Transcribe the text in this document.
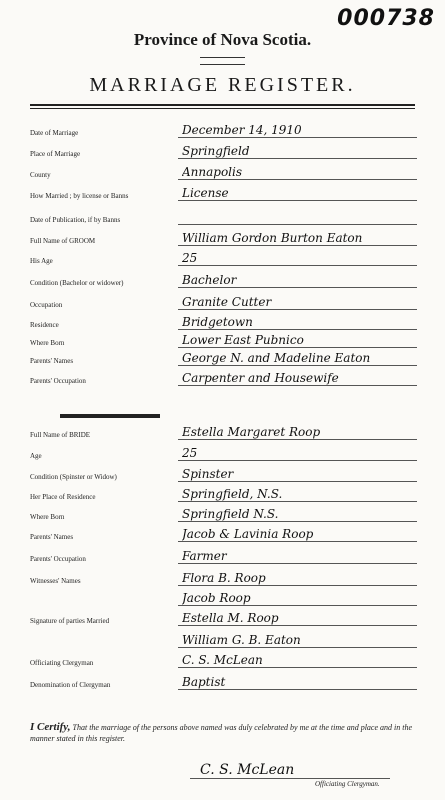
000738
Province of Nova Scotia.
MARRIAGE REGISTER.
Date of Marriage	December 14, 1910
Place of Marriage	Springfield
County	Annapolis
How Married ; by license or Banns	License
Date of Publication, if by Banns
Full Name of GROOM	William Gordon Burton Eaton
His Age	25
Condition (Bachelor or widower)	Bachelor
Occupation	Granite Cutter
Residence	Bridgetown
Where Born	Lower East Pubnico
Parents' Names	George N. and Madeline Eaton
Parents' Occupation	Carpenter and Housewife
Full Name of BRIDE	Estella Margaret Roop
Age	25
Condition (Spinster or Widow)	Spinster
Her Place of Residence	Springfield, N.S.
Where Born	Springfield N.S.
Parents' Names	Jacob & Lavinia Roop
Parents' Occupation	Farmer
Witnesses' Names	Flora B. Roop
Jacob Roop
Signature of parties Married	Estella M. Roop
William G. B. Eaton
Officiating Clergyman	C. S. McLean
Denomination of Clergyman	Baptist
I Certify, That the marriage of the persons above named was duly celebrated by me at the time and place and in the manner stated in this register.
C. S. McLean
Officiating Clergyman.
